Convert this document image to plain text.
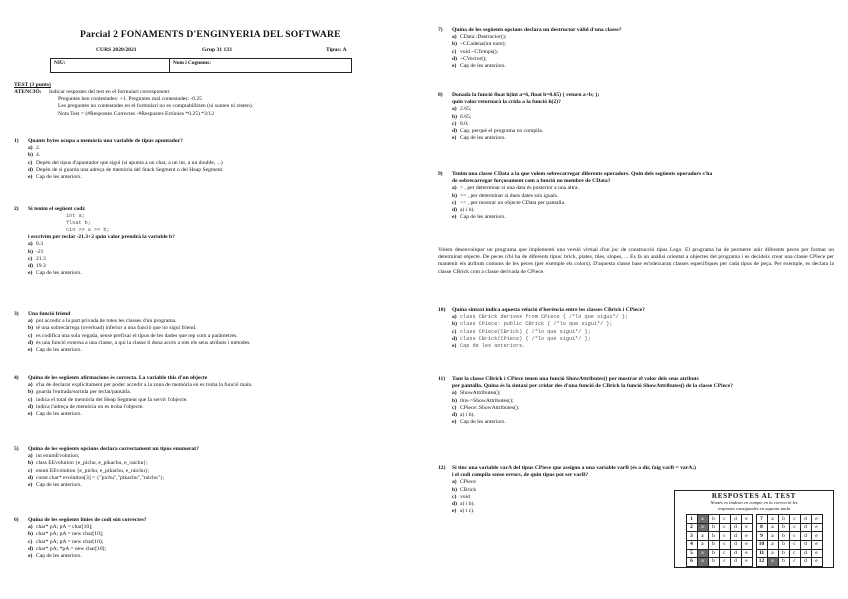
Parcial 2 FONAMENTS D'ENGINYERIA DEL SOFTWARE
CURS 2020/2021	Grup 31 133	Tipus: A
NIU:	Nom i Cognoms:
TEST (3 punts)
ATENCIÓ: Indicar respostes del test en el formulari corresponent.
Preguntes ben contestades: +1. Preguntes mal contestades: -0.25
Les preguntes no contestades en el formulari no es comptabilitzen (ni sumen ni resten).
Nota Test = (#Respostes Correctes -#Respostes Errònies *0.25) *3/12
1) Quants bytes ocupa a memòria una variable de tipus apuntador?
a) 2.
b) 4.
c) Depèn del tipus d'apuntador que sigui (si apunta a un char, a un int, a un double, ...)
d) Depèn de si guarda una adreça de memòria del Stack Segment o del Heap Segment.
e) Cap de les anteriors.
2) Si tenim el següent codi:
int a;
float b;
cin >> a >> b;
i escrivim per teclat -21.3+2 quin valor prendrà la variable b?
a) 0.3
b) -21
c) 21.3
d) 19.3
e) Cap de les anteriors.
3) Una funció friend
a) pot accedir a la part privada de totes les classes d'un programa.
b) té una sobrecàrrega (overload) inferior a una funció que no sigui friend.
c) es codifica una sola vegada, sense prefixar el tipus de les dades que rep com a paràmetres.
d) és una funció externa a una classe, a qui la classe li dona accés a tots els seus atributs i mètodes.
e) Cap de les anteriors.
4) Quina de les següents afirmacions és correcta. La variable this d'un objecte
a) s'ha de declarar explícitament per poder accedir a la zona de memòria en es troba la funció main.
b) guarda l'entrada/sortida per teclat/pantalla.
c) indica el total de memòria del Heap Segment que fa servir l'objecte.
d) indica l'adreça de memòria on es troba l'objecte.
e) Cap de les anteriors.
5) Quina de les següents opcions declara correctament un tipus enumerat?
a) int enumEvolution;
b) class EEvolution {e_pichu, e_pikachu, e_raichu};
c) enum EEvolution {e_pichu, e_pikachu, e_raichu};
d) const char* evolution[3] = {"pichu","pikachu","raichu"};
e) Cap de les anteriors.
6) Quina de les següents línies de codi són correctes?
a) char* pA; pA = char[10];
b) char* pA; pA = new char[10];
c) char* pA; pA = new char(10);
d) char* pA; *pA = new char[10];
e) Cap de les anteriors.
7) Quina de les següents opcions declara un destructor vàlid d'una classe?
a) CData::Destructor();
b) ~CCadena(int num);
c) void ~CTemps();
d) ~CVector();
e) Cap de les anteriors.
8) Donada la funció float h(int a=6, float b=0.65) { return a+b; };
quin valor retornarà la crida a la funció h(2)?
a) 2.65;
b) 6.65;
c) 8.0;
d) Cap, perquè el programa no compila.
e) Cap de les anteriors.
9) Tenim una classe CData a la que volem sobrecarregar diferents operadors. Quin dels següents operadors s'ha
de sobrecarregar forçosament com a funció no membre de CData?
a) > , per determinar si una data és posterior a una altra.
b) == , per determinar si dues dates són iguals.
c) << , per mostrar un objecte CData per pantalla.
d) a) i b).
e) Cap de les anteriors.
11) Tant la classe CBrick i CPiece tenen una funció ShowAttributes() per mostrar el valor dels seus atributs
per pantalla. Quina és la sintaxi per cridar des d'una funció de CBrick la funció ShowAttributes() de la classe CPiece?
a) ShowAttributes();
b) this->ShowAttributes();
c) CPiece::ShowAttributes();
d) a) i b).
e) Cap de les anteriors.
12) Si tinc una variable varA del tipus CPiece que assigno a una variable varB (és a dir, faig varB = varA;)
i el codi compila sense errors, de quin tipus pot ser varB?
a) CPiece
b) CBrick
c) void
d) a) i b).
e) a) i c).
Volem desenvolupar un programa que implementi una versió virtual d'un joc de construcció tipus Lego. El programa ha de permetre unir diferents peces per formar un determinat objecte. De peces n'hi ha de diferents tipus: brick, plates, tiles, slopes, ... Es fa un anàlisi orientat a objectes del programa i es decideix crear una classe CPiece per mantenir els atributs comuns de les peces (per exemple els colors). D'aquesta classe base es'ndeixaran classes específiques per cada tipus de peça. Per exemple, es declara la classe CBrick com a classe derivada de CPiece.
10) Quina sintaxi indica aquesta relació d'herència entre les classes CBrick i CPiece?
a) class CBrick derives from CPiece { /*lo que sigui*/ };
b) class CPiece: public CBrick { /*lo que sigui*/ };
c) class CPiece(CBrick) { /*lo que sigui*/ };
d) class CBrick(CPiece) { /*lo que sigui*/ };
e) Cap de les anteriors.
RESPOSTES AL TEST
Només es tindran en compte en la correcció les
respostes consignades en aquesta taula
1	a	b	c	d	e		7	a	b	c	d	e
2	a	b	c	d	e		8	a	b	c	d	e
3	a	b	c	d	e		9	a	b	c	d	e
4	a	b	c	d	e		10	a	b	c	d	e
5	a	b	c	d	e		11	a	b	c	d	e
6	a	b	c	d	e		12	a	b	c	d	e
